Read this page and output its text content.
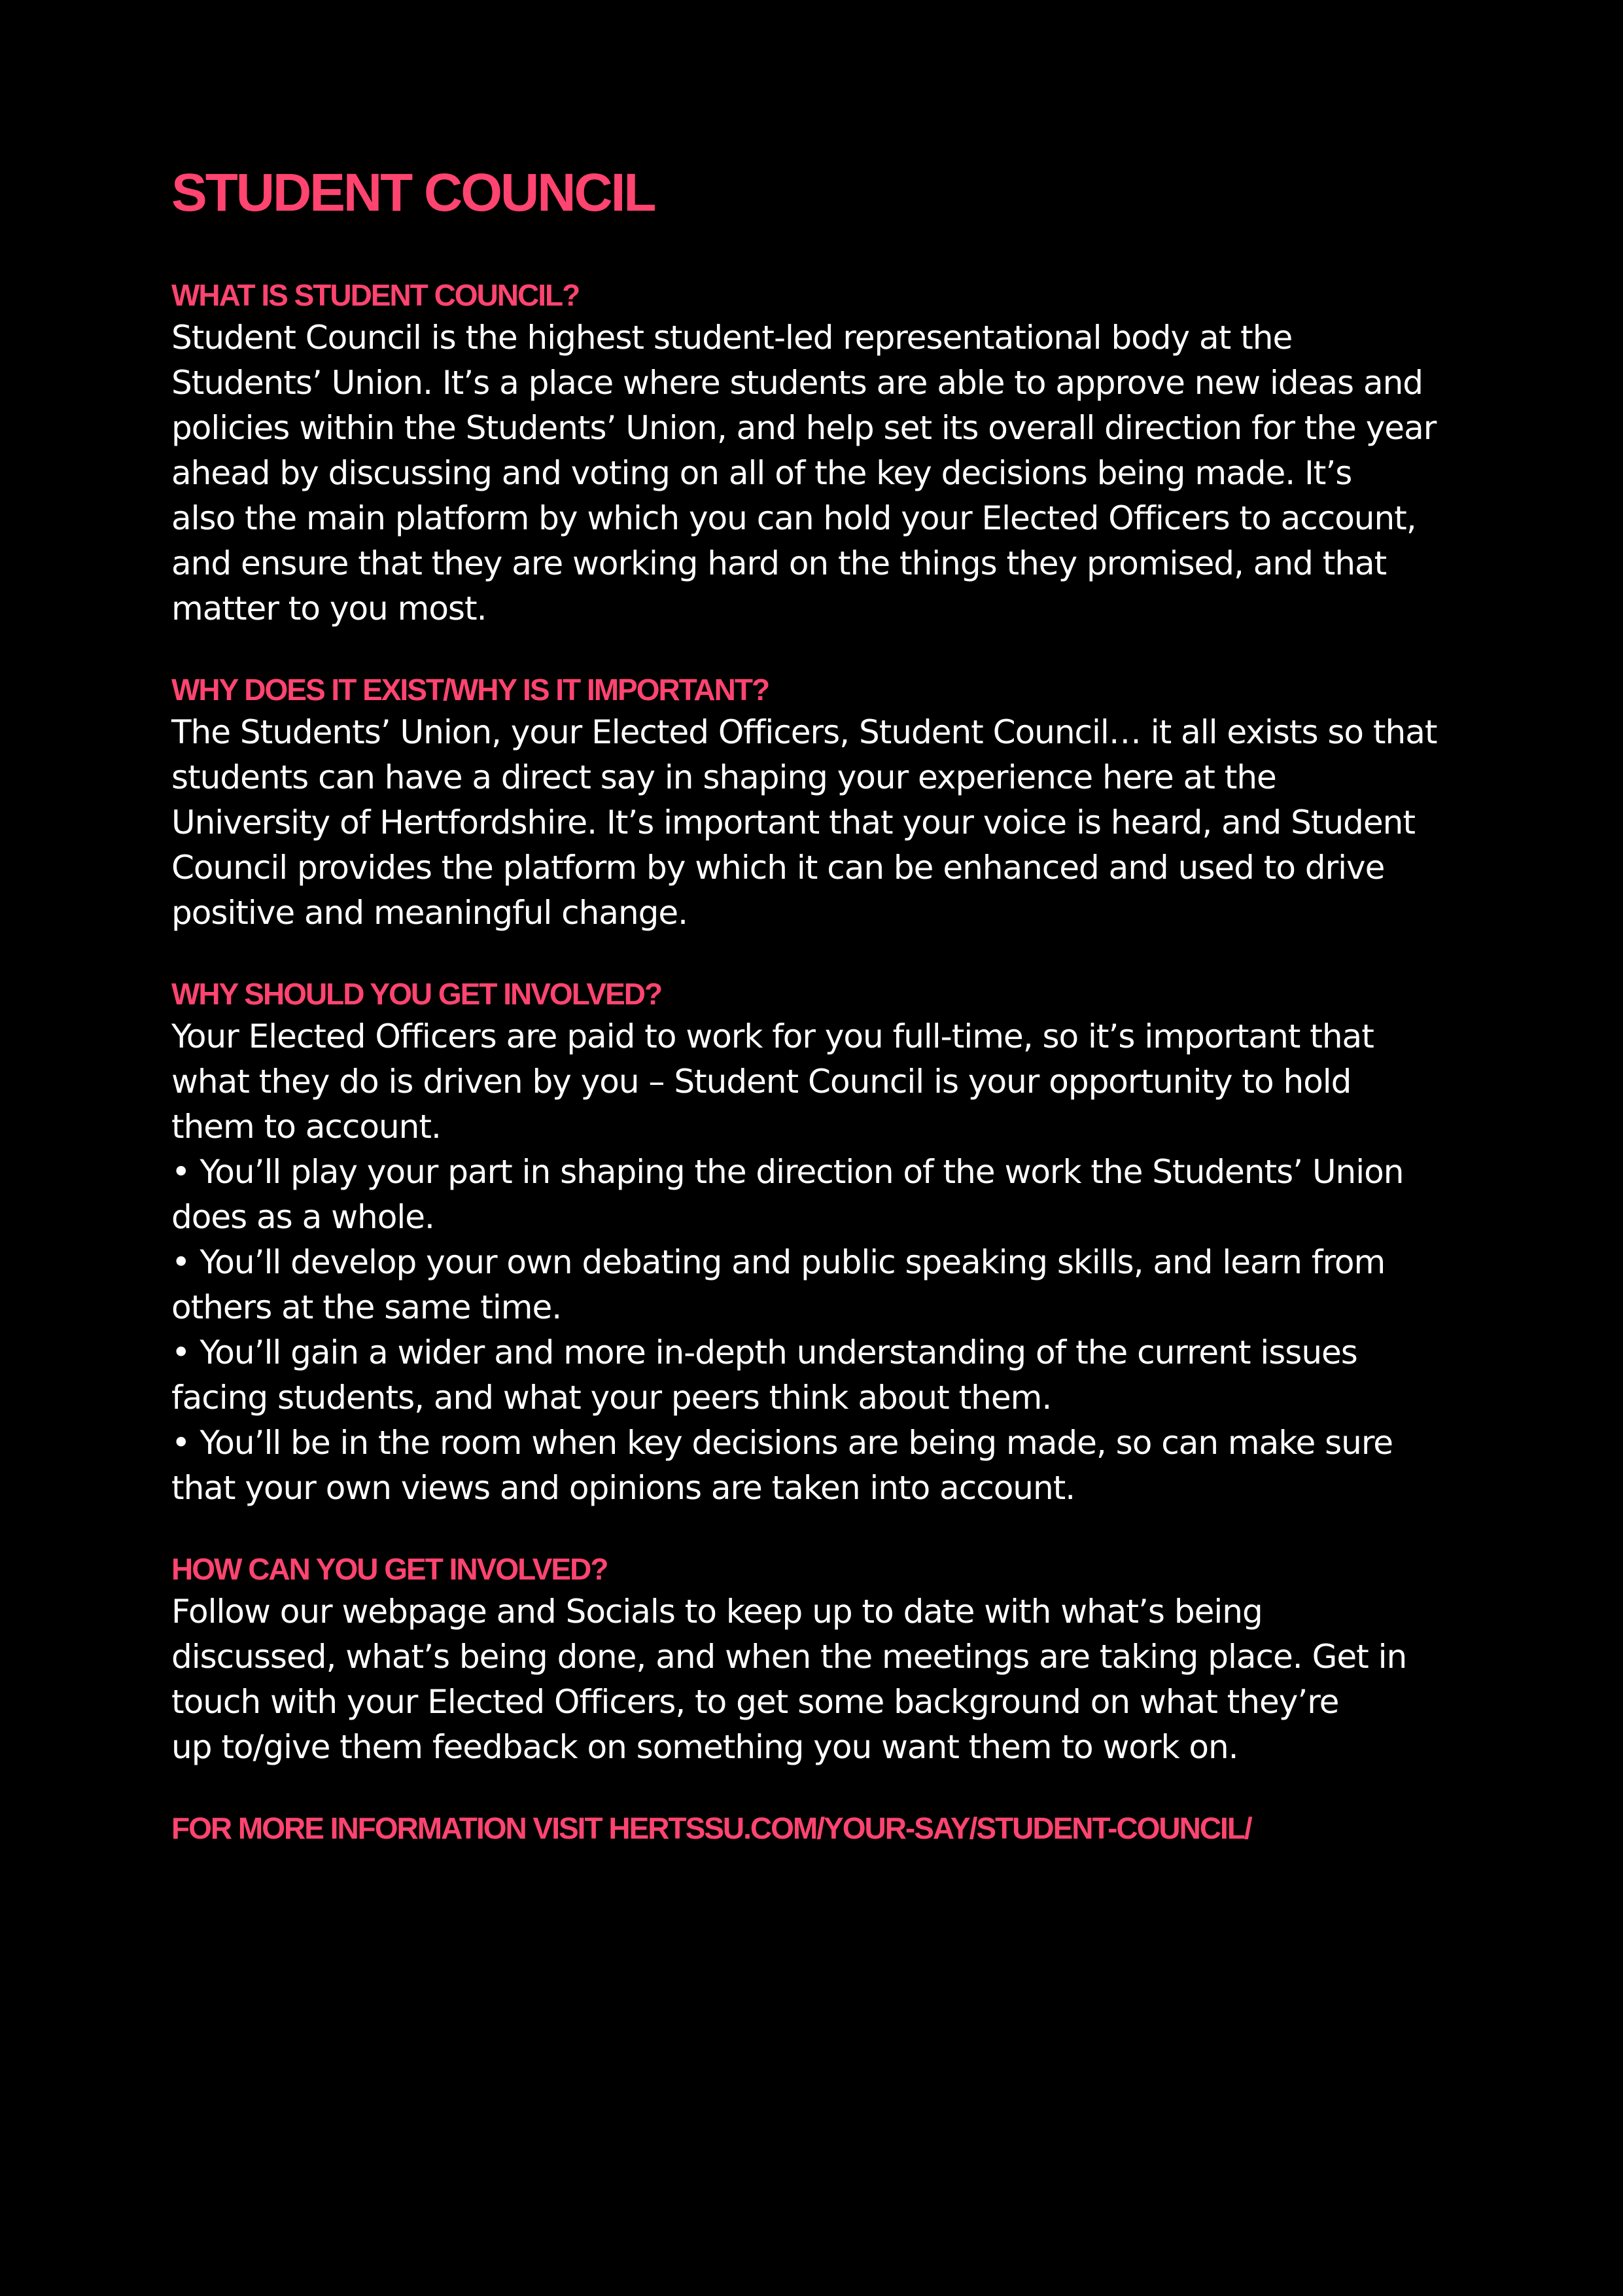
STUDENT COUNCIL
WHAT IS STUDENT COUNCIL?

Student Council is the highest student-led representational body at the
Students’ Union. It’s a place where students are able to approve new ideas and
policies within the Students’ Union, and help set its overall direction for the year
ahead by discussing and voting on all of the key decisions being made. It’s
also the main platform by which you can hold your Elected Officers to account,
and ensure that they are working hard on the things they promised, and that
matter to you most.

WHY DOES IT EXIST/WHY IS IT IMPORTANT?

The Students’ Union, your Elected Officers, Student Council… it all exists so that
students can have a direct say in shaping your experience here at the
University of Hertfordshire. It’s important that your voice is heard, and Student
Council provides the platform by which it can be enhanced and used to drive
positive and meaningful change.

WHY SHOULD YOU GET INVOLVED?

Your Elected Officers are paid to work for you full-time, so it’s important that
what they do is driven by you – Student Council is your opportunity to hold
them to account.
• You’ll play your part in shaping the direction of the work the Students’ Union
does as a whole.
• You’ll develop your own debating and public speaking skills, and learn from
others at the same time.
• You’ll gain a wider and more in-depth understanding of the current issues
facing students, and what your peers think about them.
• You’ll be in the room when key decisions are being made, so can make sure
that your own views and opinions are taken into account.

HOW CAN YOU GET INVOLVED?

Follow our webpage and Socials to keep up to date with what’s being
discussed, what’s being done, and when the meetings are taking place. Get in
touch with your Elected Officers, to get some background on what they’re
up to/give them feedback on something you want them to work on.

FOR MORE INFORMATION VISIT HERTSSU.COM/YOUR-SAY/STUDENT-COUNCIL/
